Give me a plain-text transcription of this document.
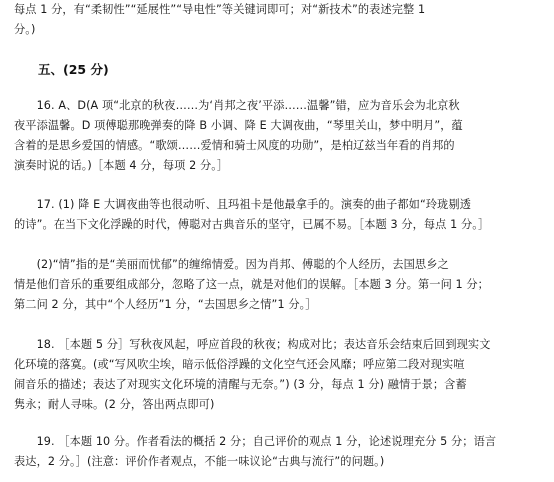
每点 1 分，有“柔韧性”“延展性”“导电性”等关键词即可；对“新技术”的表述完整 1
分。)

五、(25 分)

　　16. A、D(A 项“北京的秋夜……为‘肖邦之夜’平添……温馨”错，应为音乐会为北京秋
夜平添温馨。D 项傅聪那晚弹奏的降 B 小调、降 E 大调夜曲，“琴里关山，梦中明月”，蕴
含着的是思乡爱国的情感。“歌颂……爱情和骑士风度的功勋”，是柏辽兹当年看的肖邦的
演奏时说的话。)［本题 4 分，每项 2 分。］

　　17. (1) 降 E 大调夜曲等也很动听、且玛祖卡是他最拿手的。演奏的曲子都如“玲珑剔透
的诗”。在当下文化浮躁的时代，傅聪对古典音乐的坚守，已属不易。［本题 3 分，每点 1 分。］

　　(2)“情”指的是“美丽而忧郁”的缠绵情爱。因为肖邦、傅聪的个人经历，去国思乡之
情是他们音乐的重要组成部分，忽略了这一点，就是对他们的误解。［本题 3 分。第一问 1 分；
第二问 2 分，其中“个人经历”1 分，“去国思乡之情”1 分。］

　　18. ［本题 5 分］写秋夜风起，呼应首段的秋夜；构成对比；表达音乐会结束后回到现实文
化环境的落寞。(或“写风吹尘埃，暗示低俗浮躁的文化空气还会风靡；呼应第二段对现实喧
闹音乐的描述；表达了对现实文化环境的清醒与无奈。”) (3 分，每点 1 分) 融情于景；含蓄
隽永；耐人寻味。(2 分，答出两点即可)

　　19. ［本题 10 分。作者看法的概括 2 分；自己评价的观点 1 分，论述说理充分 5 分；语言
表达，2 分。］(注意：评价作者观点，不能一味议论“古典与流行”的问题。)
